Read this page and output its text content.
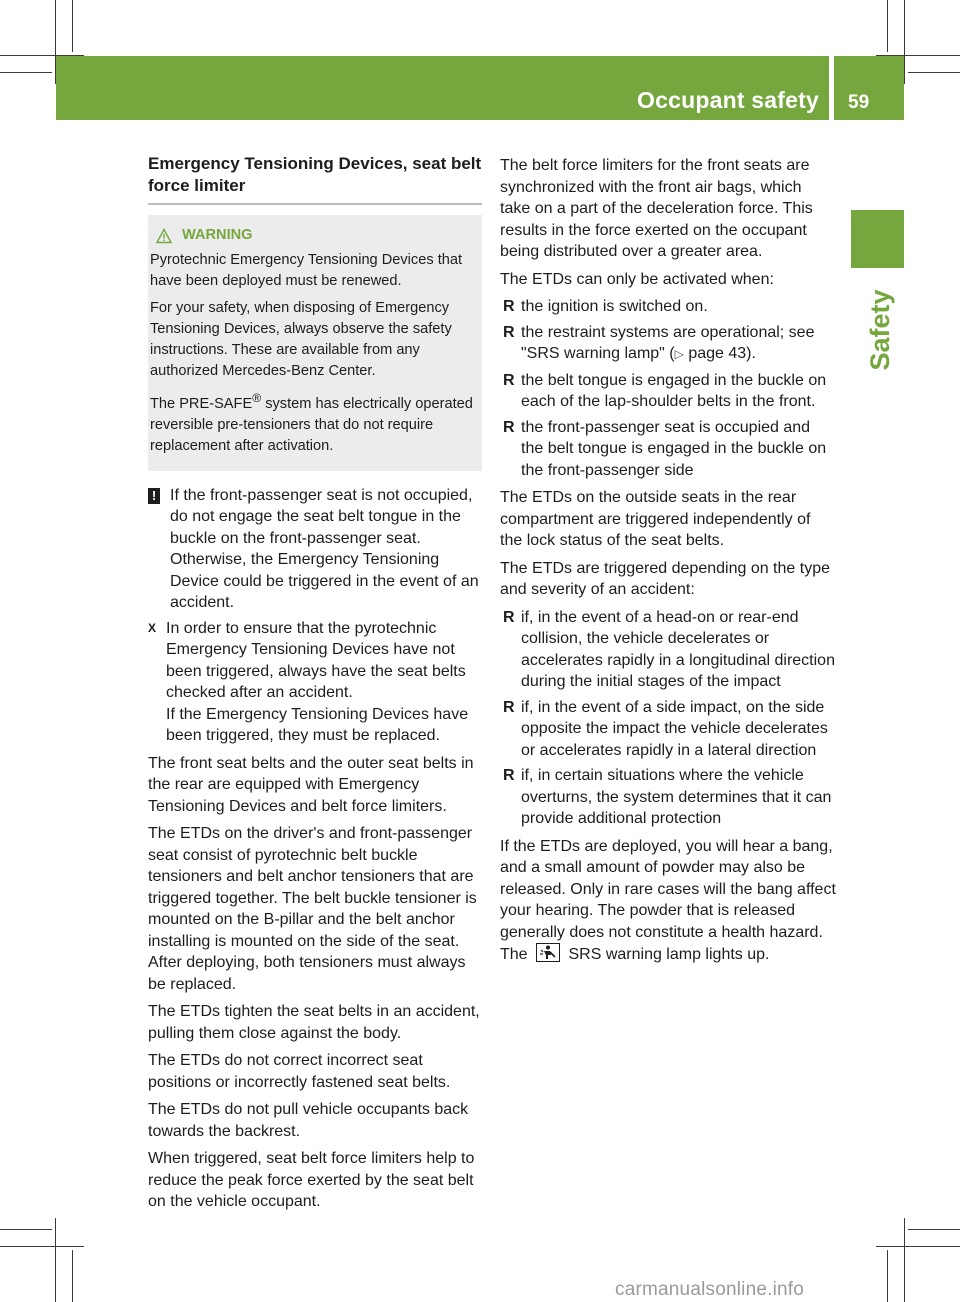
Occupant safety 59
Safety
Emergency Tensioning Devices, seat belt force limiter
WARNING

Pyrotechnic Emergency Tensioning Devices that have been deployed must be renewed.

For your safety, when disposing of Emergency Tensioning Devices, always observe the safety instructions. These are available from any authorized Mercedes-Benz Center.

The PRE-SAFE® system has electrically operated reversible pre-tensioners that do not require replacement after activation.

! If the front-passenger seat is not occupied, do not engage the seat belt tongue in the buckle on the front-passenger seat. Otherwise, the Emergency Tensioning Device could be triggered in the event of an accident.
X In order to ensure that the pyrotechnic Emergency Tensioning Devices have not been triggered, always have the seat belts checked after an accident.
If the Emergency Tensioning Devices have been triggered, they must be replaced.

The front seat belts and the outer seat belts in the rear are equipped with Emergency Tensioning Devices and belt force limiters.

The ETDs on the driver's and front-passenger seat consist of pyrotechnic belt buckle tensioners and belt anchor tensioners that are triggered together. The belt buckle tensioner is mounted on the B-pillar and the belt anchor installing is mounted on the side of the seat. After deploying, both tensioners must always be replaced.

The ETDs tighten the seat belts in an accident, pulling them close against the body.

The ETDs do not correct incorrect seat positions or incorrectly fastened seat belts.

The ETDs do not pull vehicle occupants back towards the backrest.

When triggered, seat belt force limiters help to reduce the peak force exerted by the seat belt on the vehicle occupant.

The belt force limiters for the front seats are synchronized with the front air bags, which take on a part of the deceleration force. This results in the force exerted on the occupant being distributed over a greater area.

The ETDs can only be activated when:

R the ignition is switched on.
R the restraint systems are operational; see "SRS warning lamp" (▷ page 43).
R the belt tongue is engaged in the buckle on each of the lap-shoulder belts in the front.
R the front-passenger seat is occupied and the belt tongue is engaged in the buckle on the front-passenger side

The ETDs on the outside seats in the rear compartment are triggered independently of the lock status of the seat belts.

The ETDs are triggered depending on the type and severity of an accident:

R if, in the event of a head-on or rear-end collision, the vehicle decelerates or accelerates rapidly in a longitudinal direction during the initial stages of the impact
R if, in the event of a side impact, on the side opposite the impact the vehicle decelerates or accelerates rapidly in a lateral direction
R if, in certain situations where the vehicle overturns, the system determines that it can provide additional protection

If the ETDs are deployed, you will hear a bang, and a small amount of powder may also be released. Only in rare cases will the bang affect your hearing. The powder that is released generally does not constitute a health hazard. The	SRS warning lamp lights up.

carmanualsonline.info
